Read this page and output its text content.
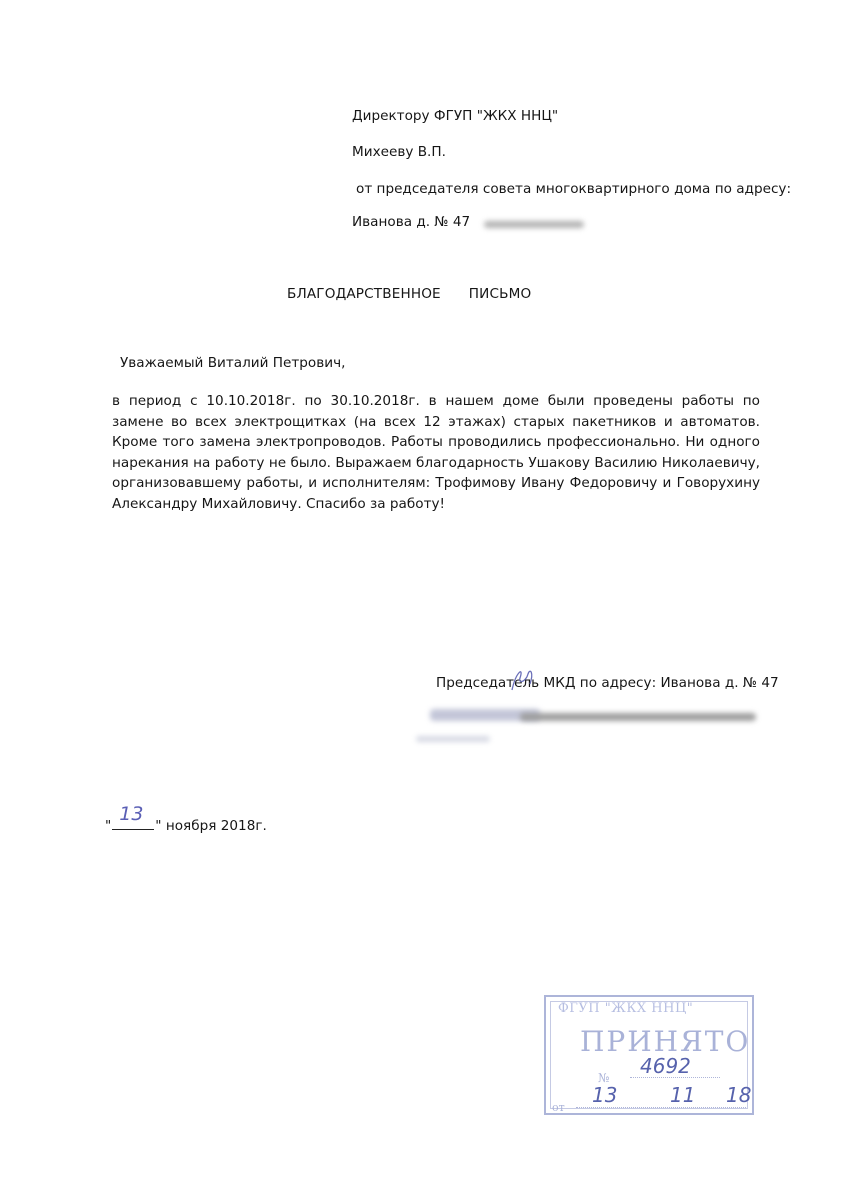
Директору ФГУП "ЖКХ ННЦ"
Михееву В.П.
от председателя совета многоквартирного дома по адресу:
Иванова д. № 47
БЛАГОДАРСТВЕННОЕ ПИСЬМО
Уважаемый Виталий Петрович,
в период с 10.10.2018г. по 30.10.2018г. в нашем доме были проведены работы по замене во всех электрощитках (на всех 12 этажах) старых пакетников и автоматов. Кроме того замена электропроводов. Работы проводились профессионально. Ни одного нарекания на работу не было. Выражаем благодарность Ушакову Василию Николаевичу, организовавшему работы, и исполнителям: Трофимову Ивану Федоровичу и Говорухину Александру Михайловичу. Спасибо за работу!
Председатель МКД по адресу: Иванова д. № 47
"
13
" ноября 2018г.
ФГУП "ЖКХ ННЦ"
ПРИНЯТО
№	4692
13	11 18
от
